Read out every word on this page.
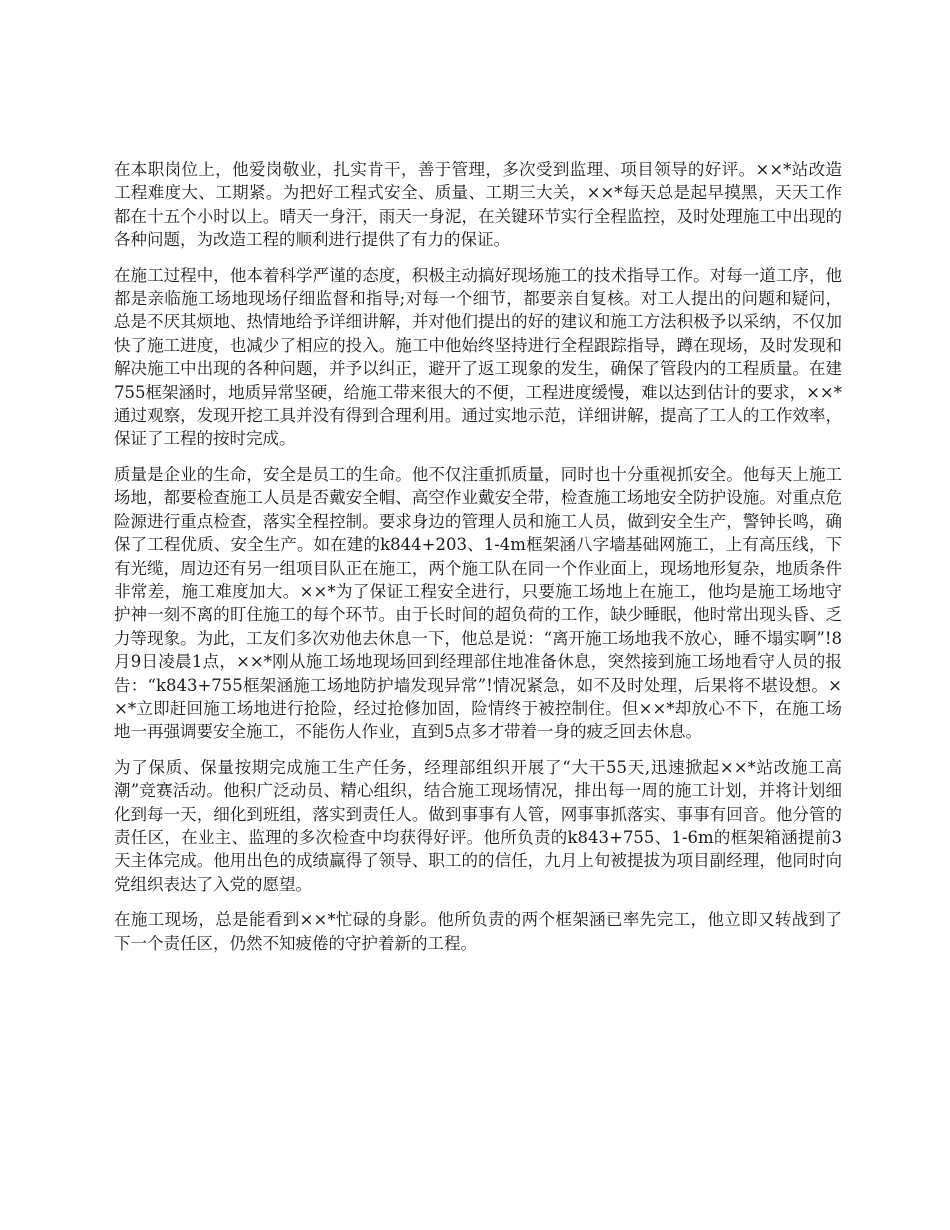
在本职岗位上，他爱岗敬业，扎实肯干，善于管理，多次受到监理、项目领导的好评。××*站改造工程难度大、工期紧。为把好工程式安全、质量、工期三大关，××*每天总是起早摸黑，天天工作都在十五个小时以上。晴天一身汗，雨天一身泥，在关键环节实行全程监控，及时处理施工中出现的各种问题，为改造工程的顺利进行提供了有力的保证。

在施工过程中，他本着科学严谨的态度，积极主动搞好现场施工的技术指导工作。对每一道工序，他都是亲临施工场地现场仔细监督和指导;对每一个细节，都要亲自复核。对工人提出的问题和疑问，总是不厌其烦地、热情地给予详细讲解，并对他们提出的好的建议和施工方法积极予以采纳，不仅加快了施工进度，也减少了相应的投入。施工中他始终坚持进行全程跟踪指导，蹲在现场，及时发现和解决施工中出现的各种问题，并予以纠正，避开了返工现象的发生，确保了管段内的工程质量。在建755框架涵时，地质异常坚硬，给施工带来很大的不便，工程进度缓慢，难以达到估计的要求，××*通过观察，发现开挖工具并没有得到合理利用。通过实地示范，详细讲解，提高了工人的工作效率，保证了工程的按时完成。

质量是企业的生命，安全是员工的生命。他不仅注重抓质量，同时也十分重视抓安全。他每天上施工场地，都要检查施工人员是否戴安全帽、高空作业戴安全带，检查施工场地安全防护设施。对重点危险源进行重点检查，落实全程控制。要求身边的管理人员和施工人员，做到安全生产，警钟长鸣，确保了工程优质、安全生产。如在建的k844+203、1-4m框架涵八字墙基础网施工，上有高压线，下有光缆，周边还有另一组项目队正在施工，两个施工队在同一个作业面上，现场地形复杂，地质条件非常差，施工难度加大。××*为了保证工程安全进行，只要施工场地上在施工，他均是施工场地守护神一刻不离的盯住施工的每个环节。由于长时间的超负荷的工作，缺少睡眠，他时常出现头昏、乏力等现象。为此，工友们多次劝他去休息一下，他总是说：“离开施工场地我不放心，睡不塌实啊”!8月9日凌晨1点，××*刚从施工场地现场回到经理部住地准备休息，突然接到施工场地看守人员的报告：“k843+755框架涵施工场地防护墙发现异常”!情况紧急，如不及时处理，后果将不堪设想。××*立即赶回施工场地进行抢险，经过抢修加固，险情终于被控制住。但××*却放心不下，在施工场地一再强调要安全施工，不能伤人作业，直到5点多才带着一身的疲乏回去休息。

为了保质、保量按期完成施工生产任务，经理部组织开展了“大干55天,迅速掀起××*站改施工高潮”竞赛活动。他积广泛动员、精心组织，结合施工现场情况，排出每一周的施工计划，并将计划细化到每一天，细化到班组，落实到责任人。做到事事有人管，网事事抓落实、事事有回音。他分管的责任区，在业主、监理的多次检查中均获得好评。他所负责的k843+755、1-6m的框架箱涵提前3天主体完成。他用出色的成绩赢得了领导、职工的的信任，九月上旬被提拔为项目副经理，他同时向党组织表达了入党的愿望。

在施工现场，总是能看到××*忙碌的身影。他所负责的两个框架涵已率先完工，他立即又转战到了下一个责任区，仍然不知疲倦的守护着新的工程。
